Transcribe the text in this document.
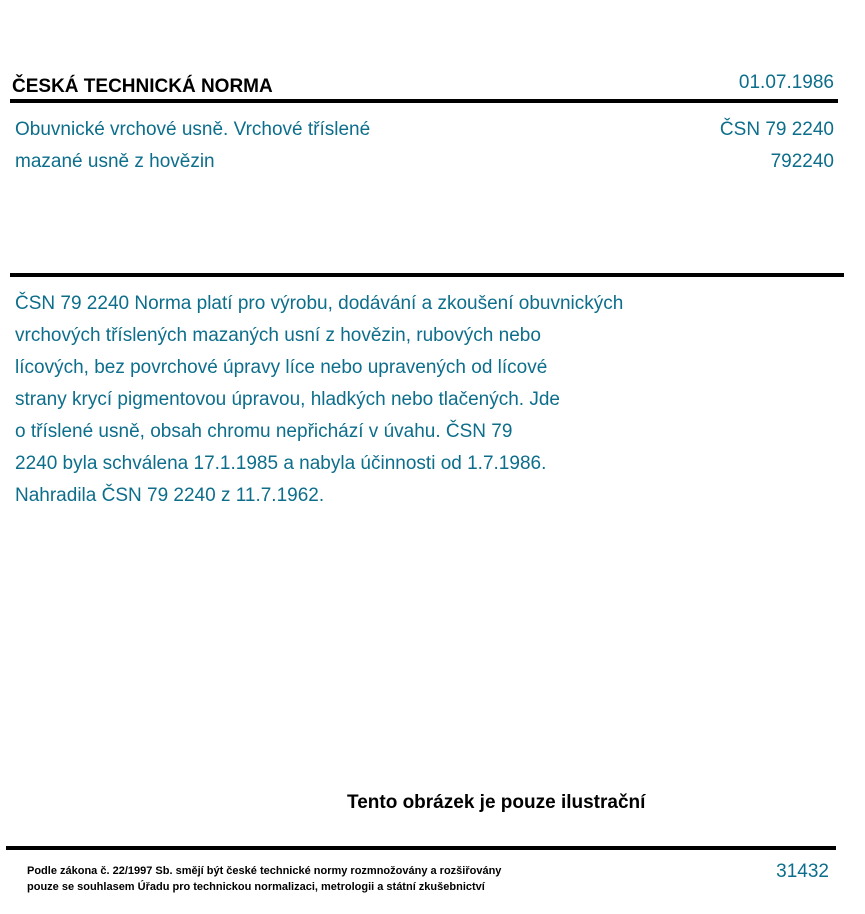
ČESKÁ TECHNICKÁ NORMA	01.07.1986
Obuvnické vrchové usně. Vrchové tříslené
mazané usně z hovězin
ČSN 79 2240
792240
ČSN 79 2240 Norma platí pro výrobu, dodávání a zkoušení obuvnických
vrchových tříslených mazaných usní z hovězin, rubových nebo
lícových, bez povrchové úpravy líce nebo upravených od lícové
strany krycí pigmentovou úpravou, hladkých nebo tlačených. Jde
o tříslené usně, obsah chromu nepřichází v úvahu. ČSN 79
2240 byla schválena 17.1.1985 a nabyla účinnosti od 1.7.1986.
Nahradila ČSN 79 2240 z 11.7.1962.
Tento obrázek je pouze ilustrační
Podle zákona č. 22/1997 Sb. smějí být české technické normy rozmnožovány a rozšiřovány
pouze se souhlasem Úřadu pro technickou normalizaci, metrologii a státní zkušebnictví
31432
